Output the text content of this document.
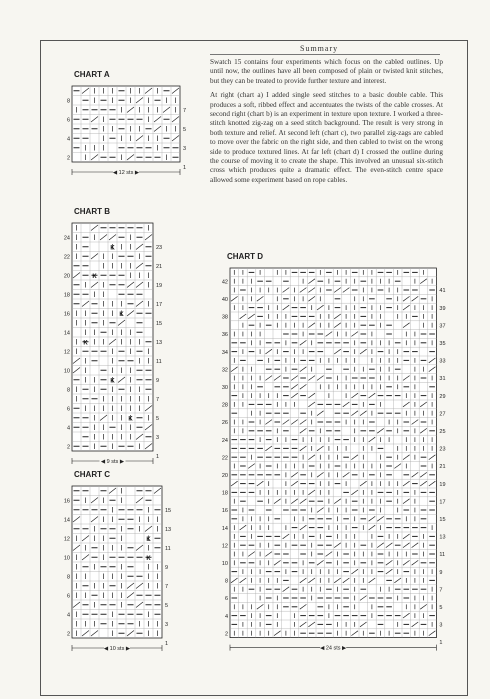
Summary

Swatch 15 contains four experiments which focus on the cabled outlines. Up until now, the outlines have all been composed of plain or twisted knit stitches, but they can be treated to provide further texture and interest.

At right (chart a) I added single seed stitches to a basic double cable. This produces a soft, ribbed effect and accentuates the twists of the cable crosses. At second right (chart b) is an experiment in texture upon texture. I worked a three-stitch knotted zig-zag on a seed stitch background. The result is very strong in both texture and relief. At second left (chart c), two parallel zig-zags are cabled to move over the fabric on the right side, and then cabled to twist on the wrong side to produce textured lines. At far left (chart d) I crossed the outline during the course of moving it to create the shape. This involved an unusual six-stitch cross which produces quite a dramatic effect. The even-stitch centre space allowed some experiment based on rope cables.

CHART A
8
6
4
2
7
5
3
1
◀ 12 sts ▶
CHART B
K
K
K
K
K
K
24
22
20
18
16
14
12
10
8
6
4
2
23
21
19
17
15
13
11
9
7
5
3
1
◀ 9 sts ▶
CHART C
K
K
16
14
12
10
8
6
4
2
15
13
11
9
7
5
3
1
◀ 10 sts ▶
CHART D
42
40
38
36
34
32
30
28
26
24
22
20
18
16
14
12
10
8
6
4
2
41
39
37
35
33
31
29
27
25
23
21
19
17
15
13
11
9
7
5
3
1
◀ 24 sts ▶
